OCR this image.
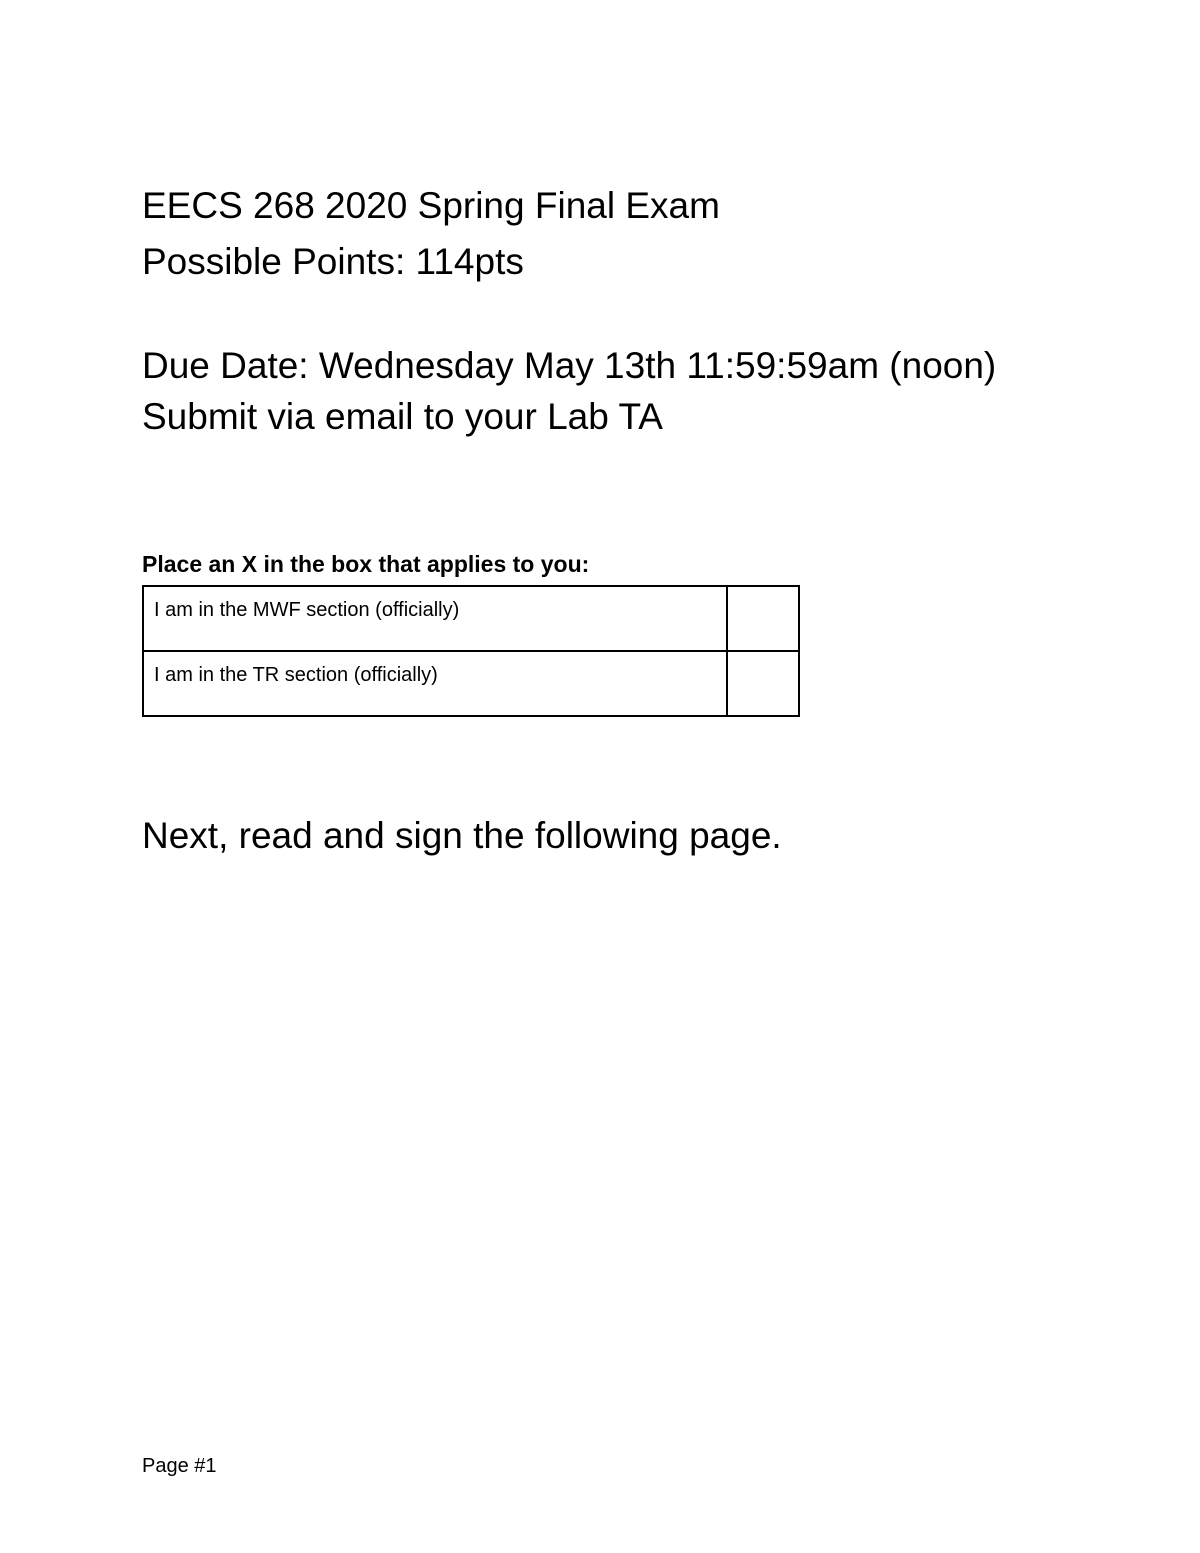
EECS 268 2020 Spring Final Exam

Possible Points: 114pts

Due Date: Wednesday May 13th 11:59:59am (noon)

Submit via email to your Lab TA

Place an X in the box that applies to you:

I am in the MWF section (officially)	
I am in the TR section (officially)	

Next, read and sign the following page.

Page #1
